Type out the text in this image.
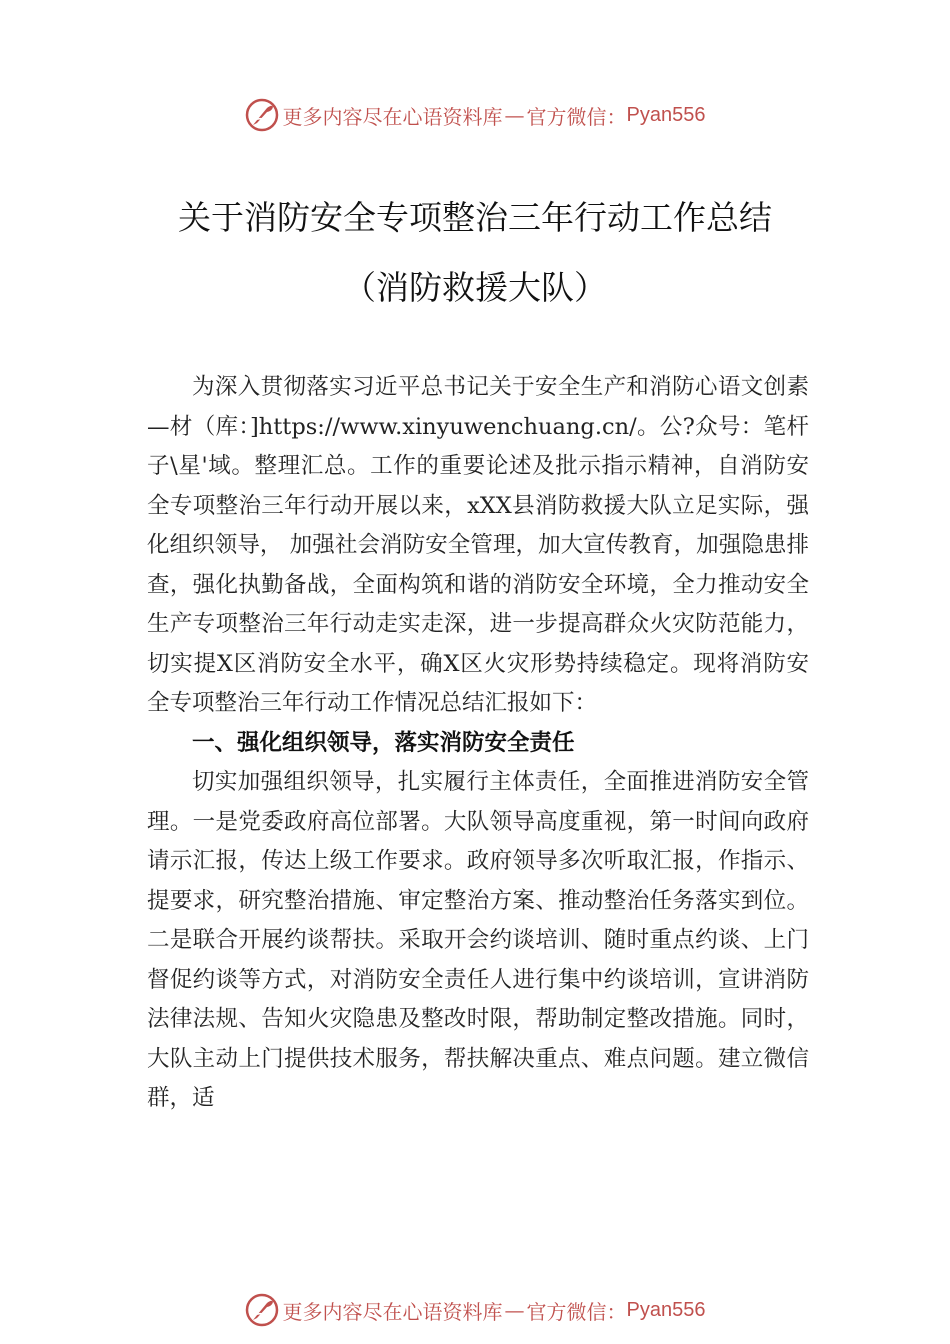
更多内容尽在心语资料库 — 官方微信： Pyan556
关于消防安全专项整治三年行动工作总结
（消防救援大队）

为深入贯彻落实习近平总书记关于安全生产和消防心语文创素—材（库：]https://www.xinyuwenchuang.cn/。公?众号：笔杆子\星'域。整理汇总。工作的重要论述及批示指示精神，自消防安全专项整治三年行动开展以来，xXX县消防救援大队立足实际，强化组织领导， 加强社会消防安全管理，加大宣传教育，加强隐患排查，强化执勤备战，全面构筑和谐的消防安全环境，全力推动安全生产专项整治三年行动走实走深，进一步提高群众火灾防范能力，切实提X区消防安全水平，确X区火灾形势持续稳定。现将消防安全专项整治三年行动工作情况总结汇报如下：

一、强化组织领导，落实消防安全责任

切实加强组织领导，扎实履行主体责任，全面推进消防安全管理。一是党委政府高位部署。大队领导高度重视，第一时间向政府请示汇报，传达上级工作要求。政府领导多次听取汇报，作指示、提要求，研究整治措施、审定整治方案、推动整治任务落实到位。二是联合开展约谈帮扶。采取开会约谈培训、随时重点约谈、上门督促约谈等方式，对消防安全责任人进行集中约谈培训，宣讲消防法律法规、告知火灾隐患及整改时限，帮助制定整改措施。同时，大队主动上门提供技术服务，帮扶解决重点、难点问题。建立微信群，适

更多内容尽在心语资料库 — 官方微信： Pyan556
